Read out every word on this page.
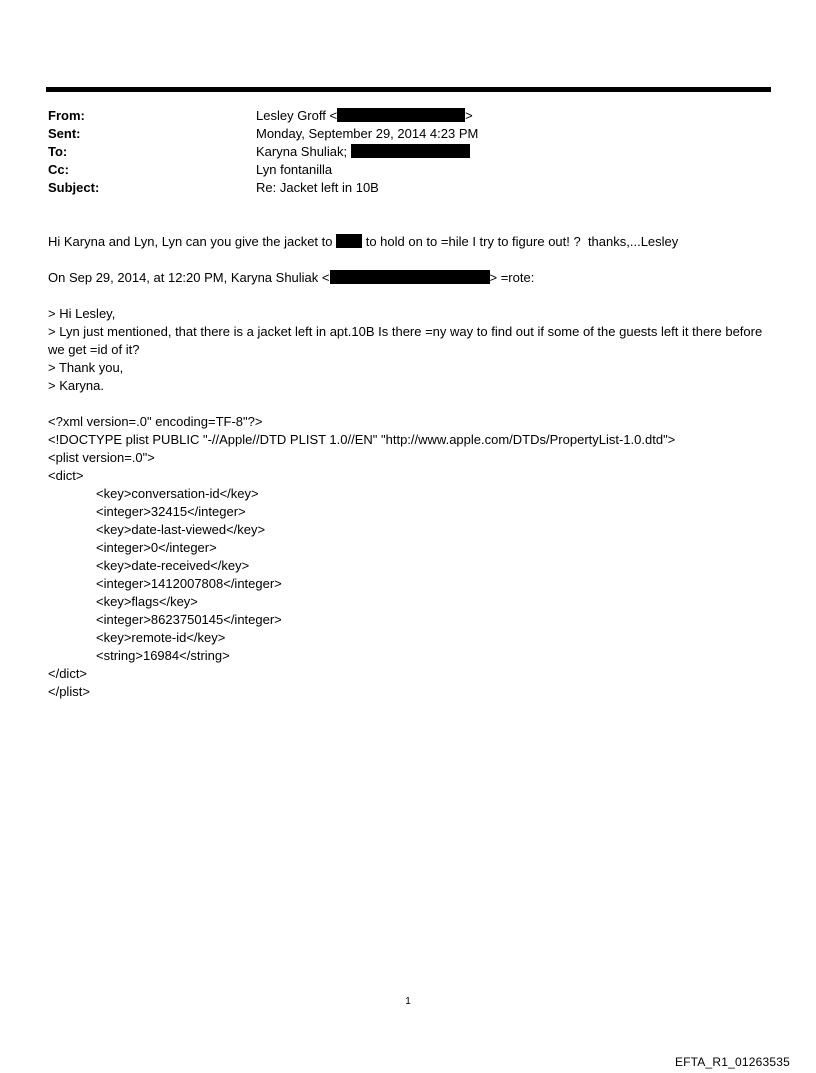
From:	Lesley Groff <	>
Sent:	Monday, September 29, 2014 4:23 PM
To:	Karyna Shuliak;
Cc:	Lyn fontanilla
Subject:	Re: Jacket left in 10B

Hi Karyna and Lyn, Lyn can you give the jacket to  to hold on to =hile I try to figure out! ?  thanks,...Lesley

On Sep 29, 2014, at 12:20 PM, Karyna Shuliak <	> =rote:

> Hi Lesley,

> Lyn just mentioned, that there is a jacket left in apt.10B Is there =ny way to find out if some of the guests left it there before we get =id of it?

> Thank you,

> Karyna.

<?xml version=.0" encoding=TF-8"?>

<!DOCTYPE plist PUBLIC "-//Apple//DTD PLIST 1.0//EN" "http://www.apple.com/DTDs/PropertyList-1.0.dtd">

<plist version=.0">

<dict>

<key>conversation-id</key>

<integer>32415</integer>

<key>date-last-viewed</key>

<integer>0</integer>

<key>date-received</key>

<integer>1412007808</integer>

<key>flags</key>

<integer>8623750145</integer>

<key>remote-id</key>

<string>16984</string>

</dict>

</plist>

1
EFTA_R1_01263535
